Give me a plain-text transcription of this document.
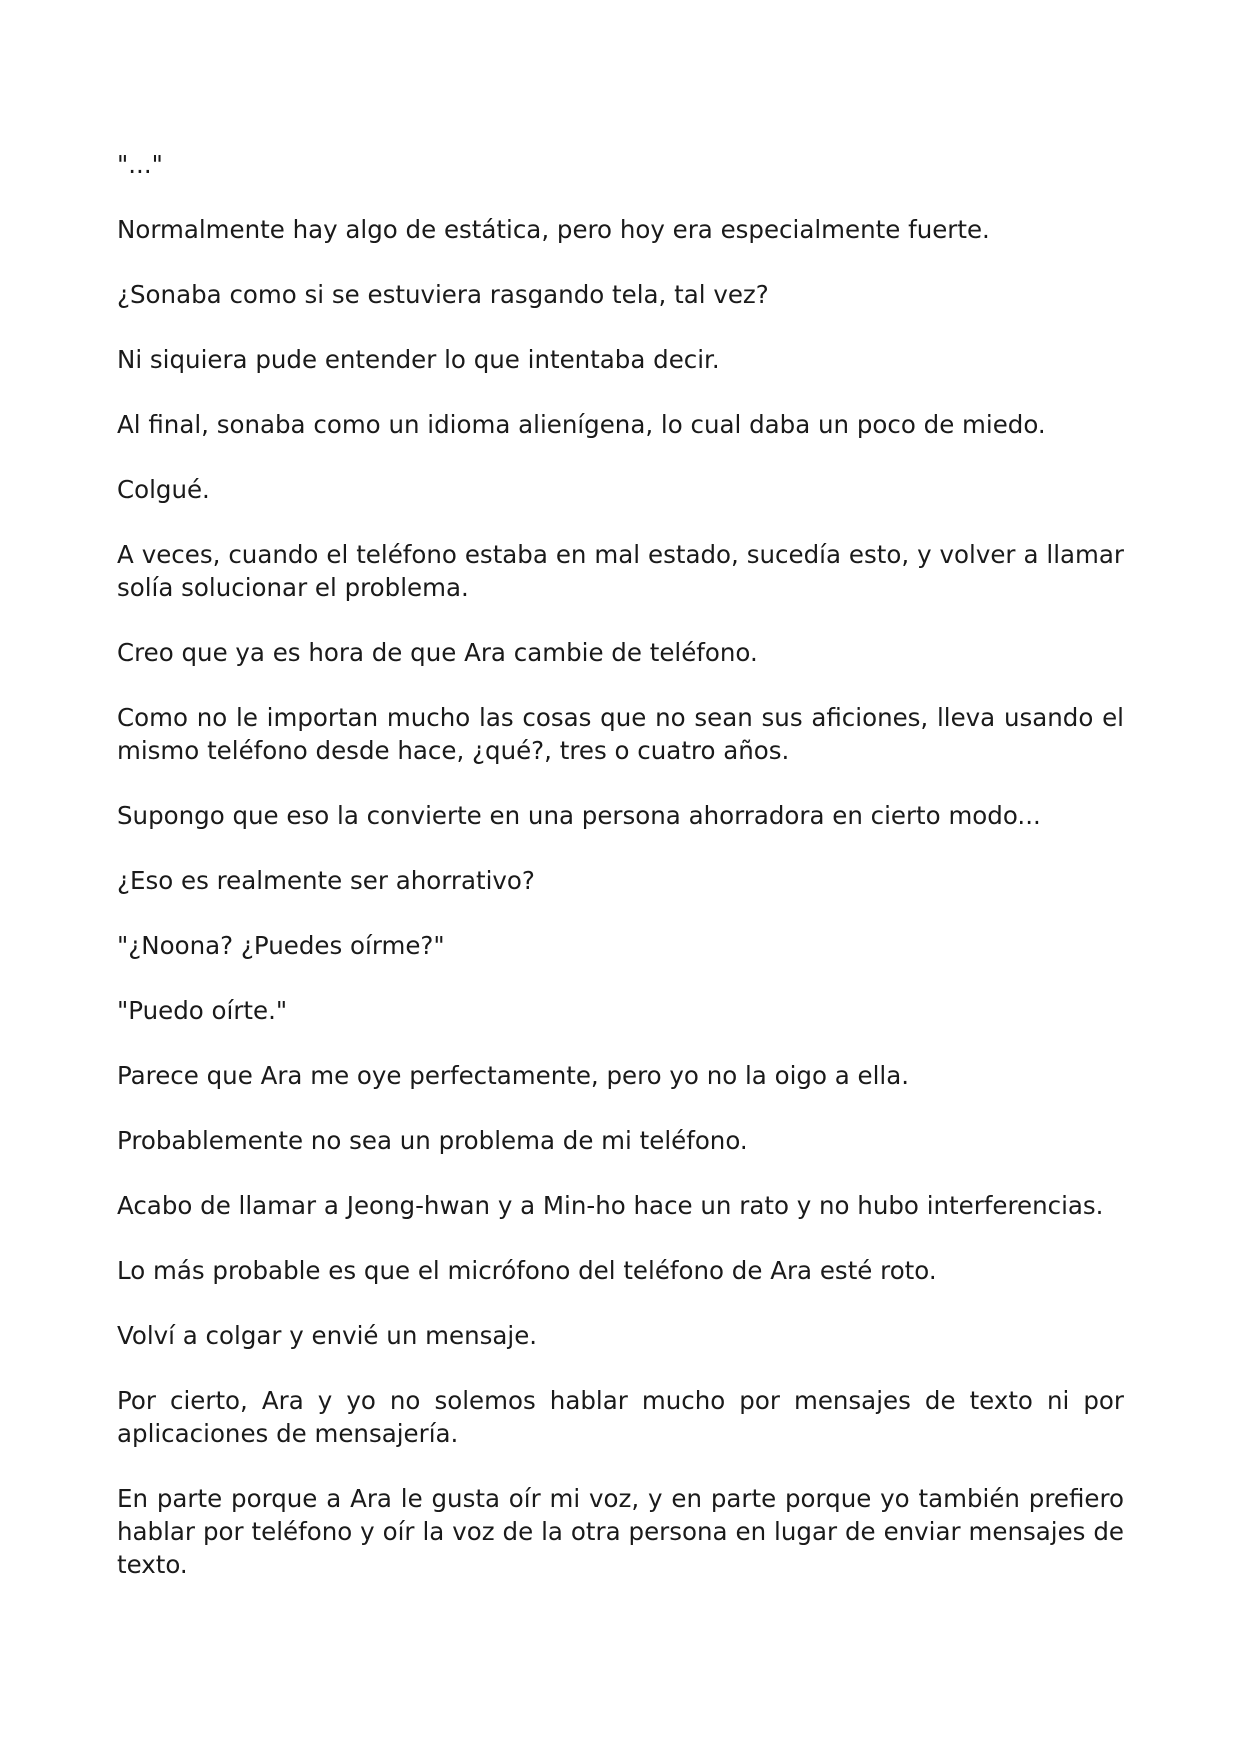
"..."

Normalmente hay algo de estática, pero hoy era especialmente fuerte.

¿Sonaba como si se estuviera rasgando tela, tal vez?

Ni siquiera pude entender lo que intentaba decir.

Al final, sonaba como un idioma alienígena, lo cual daba un poco de miedo.

Colgué.

A veces, cuando el teléfono estaba en mal estado, sucedía esto, y volver a llamar solía solucionar el problema.

Creo que ya es hora de que Ara cambie de teléfono.

Como no le importan mucho las cosas que no sean sus aficiones, lleva usando el mismo teléfono desde hace, ¿qué?, tres o cuatro años.

Supongo que eso la convierte en una persona ahorradora en cierto modo...

¿Eso es realmente ser ahorrativo?

"¿Noona? ¿Puedes oírme?"

"Puedo oírte."

Parece que Ara me oye perfectamente, pero yo no la oigo a ella.

Probablemente no sea un problema de mi teléfono.

Acabo de llamar a Jeong-hwan y a Min-ho hace un rato y no hubo interferencias.

Lo más probable es que el micrófono del teléfono de Ara esté roto.

Volví a colgar y envié un mensaje.

Por cierto, Ara y yo no solemos hablar mucho por mensajes de texto ni por aplicaciones de mensajería.

En parte porque a Ara le gusta oír mi voz, y en parte porque yo también prefiero hablar por teléfono y oír la voz de la otra persona en lugar de enviar mensajes de texto.
